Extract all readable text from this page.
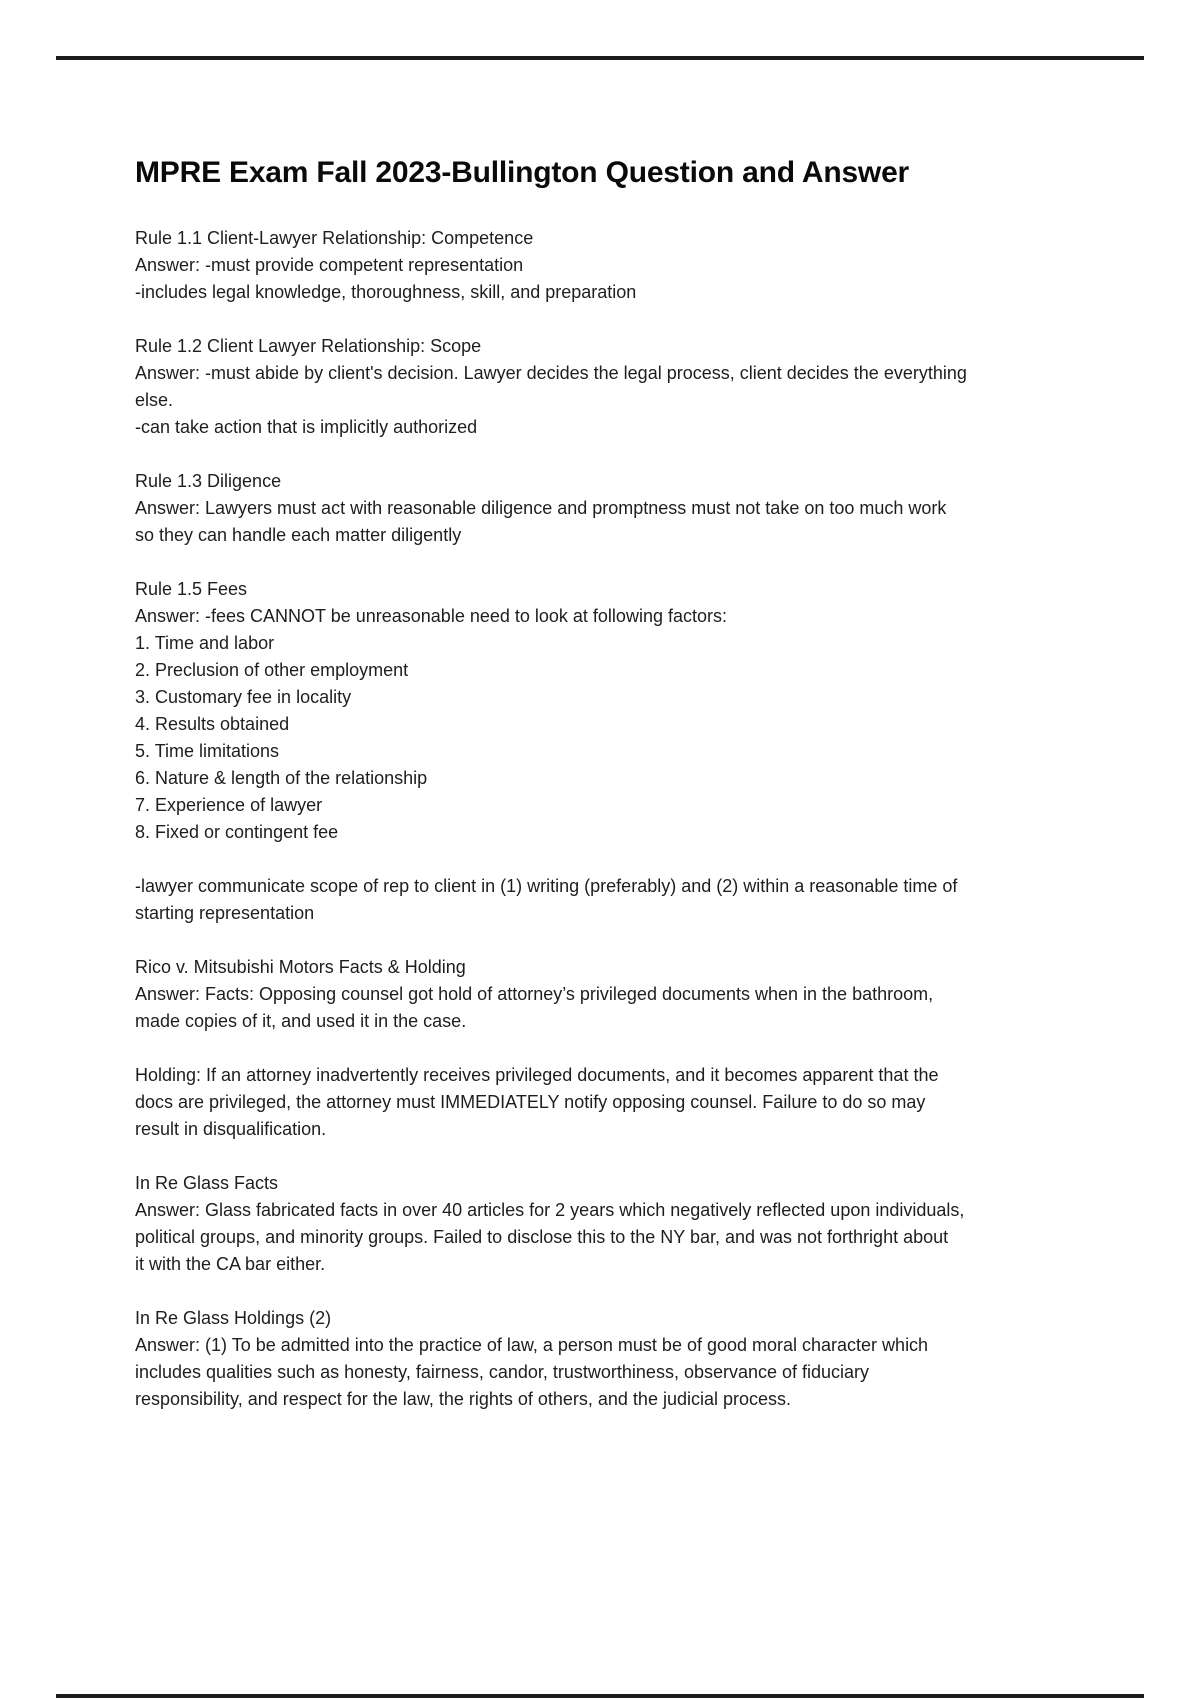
MPRE Exam Fall 2023-Bullington Question and Answer
Rule 1.1 Client-Lawyer Relationship: Competence
Answer: -must provide competent representation
-includes legal knowledge, thoroughness, skill, and preparation
Rule 1.2 Client Lawyer Relationship: Scope
Answer: -must abide by client's decision. Lawyer decides the legal process, client decides the everything
else.
-can take action that is implicitly authorized
Rule 1.3 Diligence
Answer: Lawyers must act with reasonable diligence and promptness must not take on too much work
so they can handle each matter diligently
Rule 1.5 Fees
Answer: -fees CANNOT be unreasonable need to look at following factors:
1. Time and labor
2. Preclusion of other employment
3. Customary fee in locality
4. Results obtained
5. Time limitations
6. Nature & length of the relationship
7. Experience of lawyer
8. Fixed or contingent fee
-lawyer communicate scope of rep to client in (1) writing (preferably) and (2) within a reasonable time of
starting representation
Rico v. Mitsubishi Motors Facts & Holding
Answer: Facts: Opposing counsel got hold of attorney’s privileged documents when in the bathroom,
made copies of it, and used it in the case.
Holding: If an attorney inadvertently receives privileged documents, and it becomes apparent that the
docs are privileged, the attorney must IMMEDIATELY notify opposing counsel. Failure to do so may
result in disqualification.
In Re Glass Facts
Answer: Glass fabricated facts in over 40 articles for 2 years which negatively reflected upon individuals,
political groups, and minority groups. Failed to disclose this to the NY bar, and was not forthright about
it with the CA bar either.
In Re Glass Holdings (2)
Answer: (1) To be admitted into the practice of law, a person must be of good moral character which
includes qualities such as honesty, fairness, candor, trustworthiness, observance of fiduciary
responsibility, and respect for the law, the rights of others, and the judicial process.
